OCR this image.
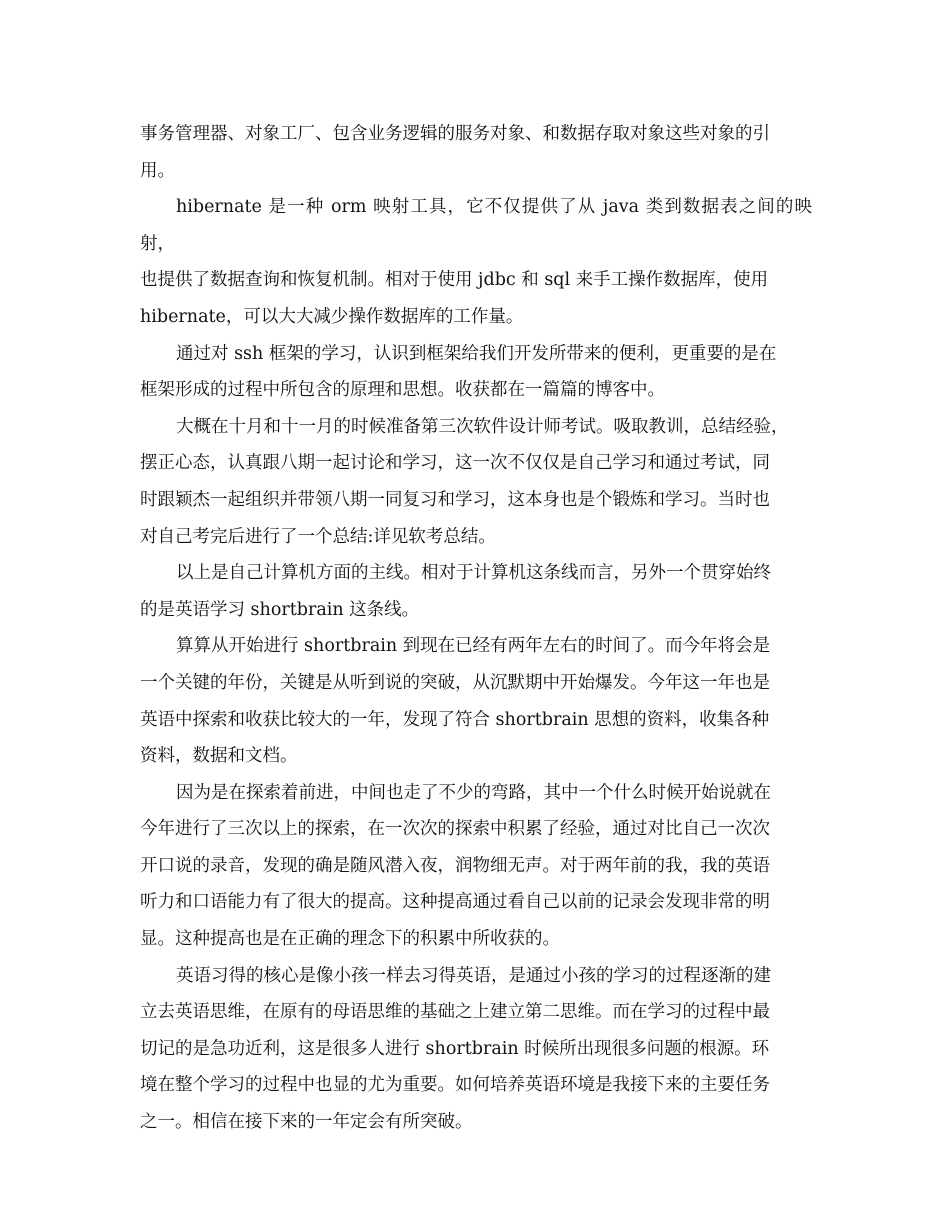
事务管理器、对象工厂、包含业务逻辑的服务对象、和数据存取对象这些对象的引
用。

hibernate 是一种 orm 映射工具，它不仅提供了从 java 类到数据表之间的映射，
也提供了数据查询和恢复机制。相对于使用 jdbc 和 sql 来手工操作数据库，使用
hibernate，可以大大减少操作数据库的工作量。

通过对 ssh 框架的学习，认识到框架给我们开发所带来的便利，更重要的是在
框架形成的过程中所包含的原理和思想。收获都在一篇篇的博客中。

大概在十月和十一月的时候准备第三次软件设计师考试。吸取教训，总结经验，
摆正心态，认真跟八期一起讨论和学习，这一次不仅仅是自己学习和通过考试，同
时跟颖杰一起组织并带领八期一同复习和学习，这本身也是个锻炼和学习。当时也
对自己考完后进行了一个总结:详见软考总结。

以上是自己计算机方面的主线。相对于计算机这条线而言，另外一个贯穿始终
的是英语学习 shortbrain 这条线。

算算从开始进行 shortbrain 到现在已经有两年左右的时间了。而今年将会是
一个关键的年份，关键是从听到说的突破，从沉默期中开始爆发。今年这一年也是
英语中探索和收获比较大的一年，发现了符合 shortbrain 思想的资料，收集各种
资料，数据和文档。

因为是在探索着前进，中间也走了不少的弯路，其中一个什么时候开始说就在
今年进行了三次以上的探索，在一次次的探索中积累了经验，通过对比自己一次次
开口说的录音，发现的确是随风潜入夜，润物细无声。对于两年前的我，我的英语
听力和口语能力有了很大的提高。这种提高通过看自己以前的记录会发现非常的明
显。这种提高也是在正确的理念下的积累中所收获的。

英语习得的核心是像小孩一样去习得英语，是通过小孩的学习的过程逐渐的建
立去英语思维，在原有的母语思维的基础之上建立第二思维。而在学习的过程中最
切记的是急功近利，这是很多人进行 shortbrain 时候所出现很多问题的根源。环
境在整个学习的过程中也显的尤为重要。如何培养英语环境是我接下来的主要任务
之一。相信在接下来的一年定会有所突破。
